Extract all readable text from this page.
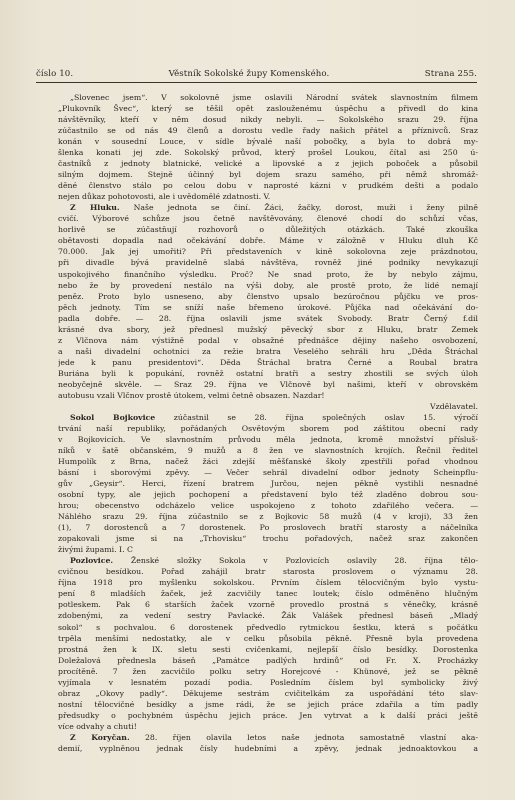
číslo 10.	Věstník Sokolské župy Komenského.	Strana 255.
„Slovenec jsem“. V sokolovně jsme oslavili Národní svátek slavnostním filmem
„Plukovník Švec“, který se těšil opět zaslouženému úspěchu a přivedl do kina
návštěvníky, kteří v něm dosud nikdy nebyli. — Sokolského srazu 29. října
zúčastnilo se od nás 49 členů a dorostu vedle řady našich přátel a příznivců. Sraz
konán v sousední Louce, v sídle bývalé naší pobočky, a byla to dobrá my-
šlenka konati jej zde. Sokolský průvod, který prošel Loukou, čítal asi 250 ú-
častníků z jednoty blatnické, velické a lipovské a z jejich poboček a působil
silným dojmem. Stejně účinný byl dojem srazu samého, při němž shromáž-
děné členstvo stálo po celou dobu v naprosté kázni v prudkém dešti a podalo
nejen důkaz pohotovosti, ale i uvědomělé zdatnosti. V.
Z Hluku. Naše jednota se činí. Žáci, žačky, dorost, muži i ženy pilně
cvičí. Výborové schůze jsou četně navštěvovány, členové chodí do schůzí včas,
horlivě se zúčastňují rozhovorů o důležitých otázkách. Také zkouška
obětavosti dopadla nad očekávání dobře. Máme v záložně v Hluku dluh Kč
70.000. Jak jej umořiti? Při představeních v kině sokolovna zeje prázdnotou,
při divadle bývá pravidelně slabá návštěva, rovněž jiné podniky nevykazují
uspokojivého finančního výsledku. Proč? Ne snad proto, že by nebylo zájmu,
nebo že by provedení nestálo na výši doby, ale prostě proto, že lidé nemají
peněz. Proto bylo usneseno, aby členstvo upsalo bezúročnou půjčku ve pros-
pěch jednoty. Tím se sníží naše břemeno úrokové. Půjčka nad očekávání do-
padla dobře. — 28. října oslavili jsme svátek Svobody. Bratr Černý f.dil
krásné dva sbory, jež přednesl mužský pěvecký sbor z Hluku, bratr Zemek
z Vlčnova nám výstižně podal v obsažné přednášce dějiny našeho osvobození,
a naši divadelní ochotníci za režie bratra Veselého sehráli hru „Děda Štráchal
jede k panu presidentovi“. Děda Štráchal bratra Černé a Roubal bratra
Buriána byli k popukání, rovněž ostatní bratři a sestry zhostili se svých úloh
neobyčejně skvěle. — Sraz 29. října ve Vlčnově byl našimi, kteří v obrovském
autobusu vzali Vlčnov prostě útokem, velmi četně obsazen. Nazdar!
Vzdělavatel.
Sokol Bojkovice zúčastnil se 28. října společných oslav 15. výročí
trvání naší republiky, pořádaných Osvětovým sborem pod záštitou obecní rady
v Bojkovicích. Ve slavnostním průvodu měla jednota, kromě množství přísluš-
níků v šatě občanském, 9 mužů a 8 žen ve slavnostních krojích. Řečnil ředitel
Humpolík z Brna, načež žáci zdejší měšťanské školy zpestřili pořad vhodnou
básní i sborovými zpěvy. — Večer sehrál divadelní odbor jednoty Scheinpflu-
gův „Geysir“. Herci, řízení bratrem Jurčou, nejen pěkně vystihli nesnadné
osobní typy, ale jejich pochopení a představení bylo též zladěno dobrou sou-
hrou; obecenstvo odcházelo velice uspokojeno z tohoto zdařilého večera. —
Náhlého srazu 29. října zúčastnilo se z Bojkovic 58 mužů (4 v kroji), 33 žen
(1), 7 dorostenců a 7 dorostenek. Po proslovech bratří starosty a náčelníka
zopakovali jsme si na „Trhovisku“ trochu pořadových, načež sraz zakončen
živými župami. I. C
Pozlovice. Ženské složky Sokola v Pozlovicích oslavily 28. října tělo-
cvičnou besídkou. Pořad zahájil bratr starosta proslovem o významu 28.
října 1918 pro myšlenku sokolskou. Prvním číslem tělocvičným bylo vystu-
pení 8 mladších žaček, jež zacvičily tanec loutek; číslo odměněno hlučným
potleskem. Pak 6 starších žaček vzorně provedlo prostná s věnečky, krásně
zdobenými, za vedení sestry Pavlacké. Žák Valášek přednesl báseň „Mladý
sokol“ s pochvalou. 6 dorostenek předvedlo rytmickou šestku, která s počátku
trpěla menšími nedostatky, ale v celku působila pěkně. Přesně byla provedena
prostná žen k IX. sletu sesti cvičenkami, nejlepší číslo besídky. Dorostenka
Doležalová přednesla báseň „Památce padlých hrdinů“ od Fr. X. Procházky
procítěně. 7 žen zacvičilo polku setry Horejcové - Khünové, jež se pěkně
vyjímala v lesnatém pozadí podia. Posledním číslem byl symbolicky živý
obraz „Okovy padly“. Děkujeme sestrám cvičitelkám za uspořádání této slav-
nostní tělocvičné besídky a jsme rádi, že se jejich práce zdařila a tím padly
předsudky o pochybném úspěchu jejich práce. Jen vytrvat a k další práci ještě
více odvahy a chuti!
Z Koryčan. 28. říjen olavila letos naše jednota samostatně vlastní aka-
demií, vyplněnou jednak čísly hudebními a zpěvy, jednak jednoaktovkou a
